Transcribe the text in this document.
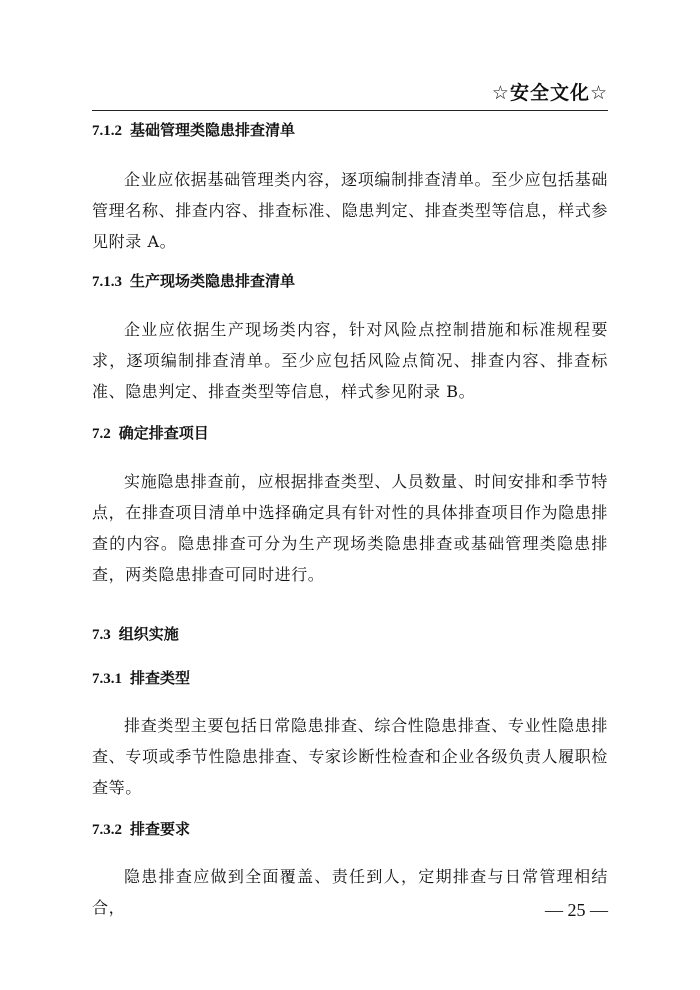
☆安全文化☆
7.1.2 基础管理类隐患排查清单

企业应依据基础管理类内容，逐项编制排查清单。至少应包括基础管理名称、排查内容、排查标准、隐患判定、排查类型等信息，样式参见附录 A。

7.1.3 生产现场类隐患排查清单

企业应依据生产现场类内容，针对风险点控制措施和标准规程要求，逐项编制排查清单。至少应包括风险点简况、排查内容、排查标准、隐患判定、排查类型等信息，样式参见附录 B。

7.2 确定排查项目

实施隐患排查前，应根据排查类型、人员数量、时间安排和季节特点，在排查项目清单中选择确定具有针对性的具体排查项目作为隐患排查的内容。隐患排查可分为生产现场类隐患排查或基础管理类隐患排查，两类隐患排查可同时进行。

7.3 组织实施
7.3.1 排查类型

排查类型主要包括日常隐患排查、综合性隐患排查、专业性隐患排查、专项或季节性隐患排查、专家诊断性检查和企业各级负责人履职检查等。

7.3.2 排查要求

隐患排查应做到全面覆盖、责任到人，定期排查与日常管理相结合，	— 25 —
